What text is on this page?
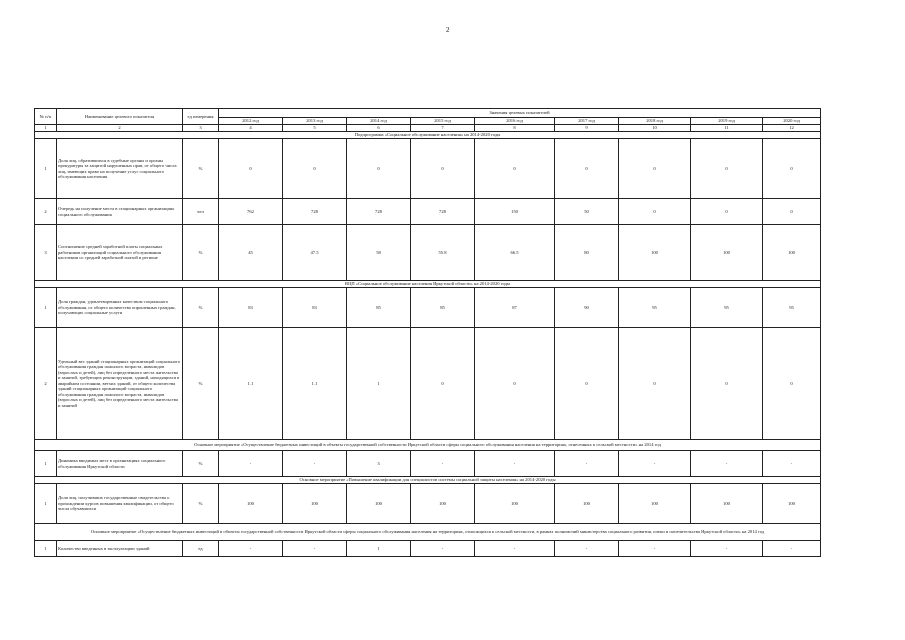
2
№ п/п	Наименование целевого показателя	ед измерения	Значения целевых показателей								
			2012 год	2013 год	2014 год	2015 год	2016 год	2017 год	2018 год	2019 год	2020 год
1	2	3	4	5	6	7	8	9	10	11	12
Подпрограмма «Социальное обслуживание населения» на 2014-2020 годы											
1	Доля лиц, обратившихся в судебные органы и органы прокуратуры за защитой нарушенных прав, от общего числа лиц, имеющих право на получение услуг социального обслуживания населения	%	0	0	0	0	0	0	0	0	0
2	Очередь на получение места в стационарных организациях социального обслуживания	чел	762	728	728	728	150	50	0	0	0
3	Соотношение средней заработной платы социальных работников организаций социального обслуживания населения со средней заработной платой в регионе	%	45	47.5	58	55.8	66.5	80	100	100	100
ВЦП «Социальное обслуживание населения Иркутской области» на 2014-2020 годы											
1	Доля граждан, удовлетворенных качеством социального обслуживания, от общего количества опрошенных граждан, получающих социальные услуги	%	83	83	85	85	87	90	95	95	95
2	Удельный вес зданий стационарных организаций социального обслуживания граждан пожилого возраста, инвалидов (взрослых и детей), лиц без определенного места жительства и занятий, требующих реконструкции, зданий, находящихся в аварийном состоянии, ветхих зданий, от общего количества зданий стационарных организаций социального обслуживания граждан пожилого возраста, инвалидов (взрослых и детей), лиц без определенного места жительства и занятий	%	1.1	1.1	1	0	0	0	0	0	0
Основное мероприятие «Осуществление бюджетных инвестиций в объекты государственной собственности Иркутской области сферы социального обслуживания населения на территориях, отнесенных к сельской местности» на 2014 год											
1	Динамика вводимых мест в организациях социального обслуживания Иркутской области	%	-	-	3	-	-	-	-	-	-
Основное мероприятие «Повышение квалификации для специалистов системы социальной защиты населения» на 2014-2020 годы											
1	Доля лиц, получивших государственные свидетельства о прохождении курсов повышения квалификации, от общего числа обучавшихся	%	100	100	100	100	100	100	100	100	100
Основное мероприятие «Осуществление бюджетных инвестиций в объекты государственной собственности Иркутской области сферы социального обслуживания населения на территориях, относящихся к сельской местности, в рамках полномочий министерства социального развития, опеки и попечительства Иркутской области» на 2014 год											
1	Количество введенных в эксплуатацию зданий	ед	-	-	1	-	-	-	-	-	-
